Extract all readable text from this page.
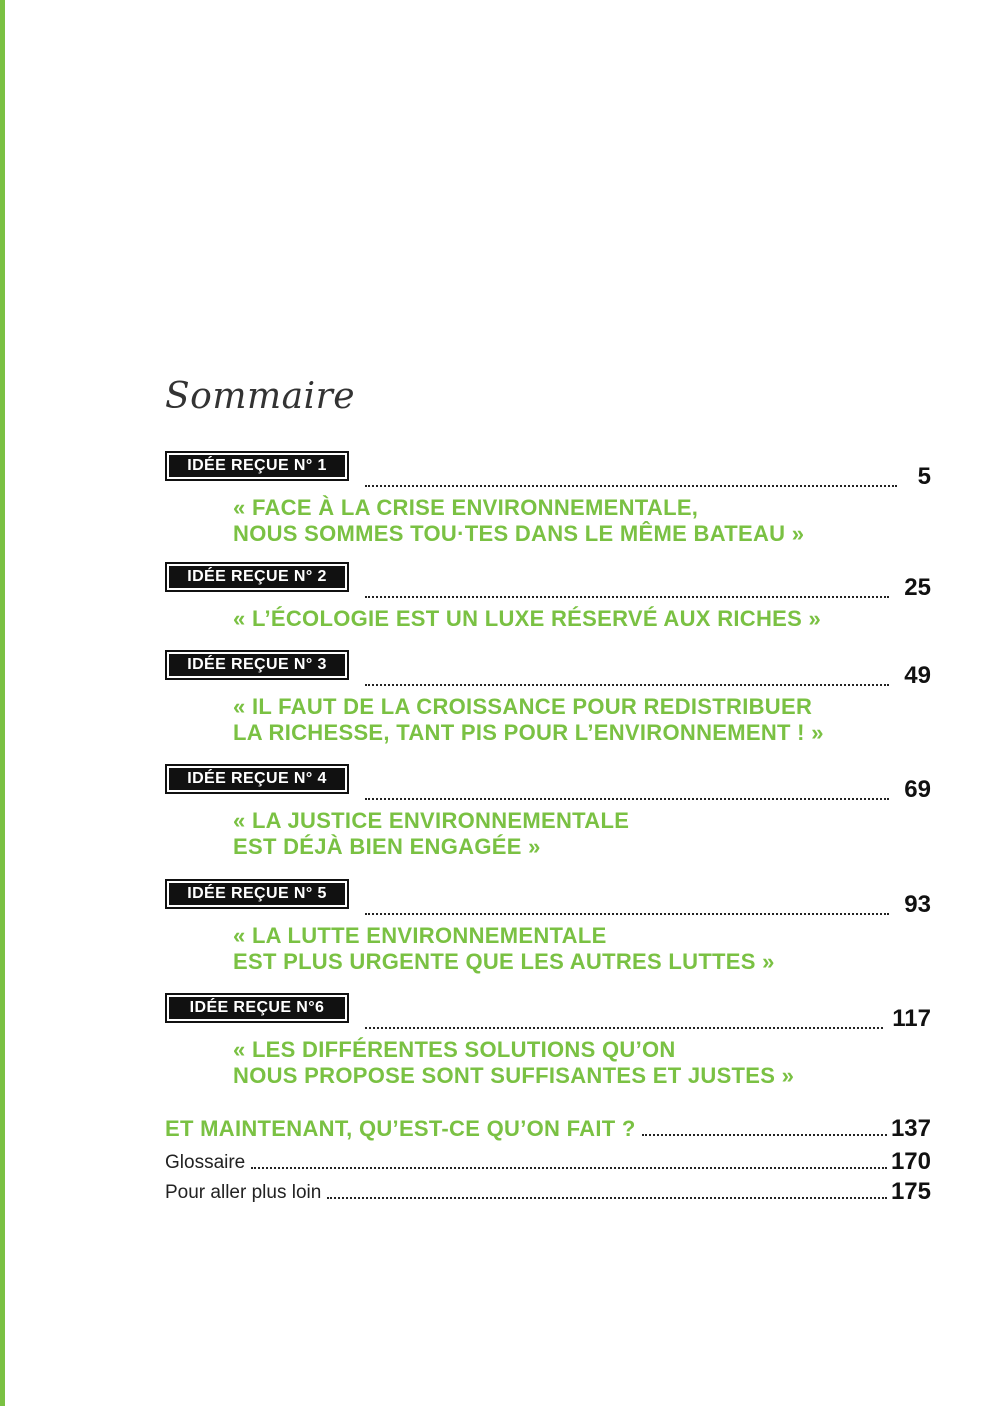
Sommaire
IDÉE REÇUE N° 1	5
« FACE À LA CRISE ENVIRONNEMENTALE,
NOUS SOMMES TOU·TES DANS LE MÊME BATEAU »
IDÉE REÇUE N° 2	25
« L’ÉCOLOGIE EST UN LUXE RÉSERVÉ AUX RICHES »
IDÉE REÇUE N° 3	49
« IL FAUT DE LA CROISSANCE POUR REDISTRIBUER
LA RICHESSE, TANT PIS POUR L’ENVIRONNEMENT ! »
IDÉE REÇUE N° 4	69
« LA JUSTICE ENVIRONNEMENTALE
EST DÉJÀ BIEN ENGAGÉE »
IDÉE REÇUE N° 5	93
« LA LUTTE ENVIRONNEMENTALE
EST PLUS URGENTE QUE LES AUTRES LUTTES »
IDÉE REÇUE N°6	117
« LES DIFFÉRENTES SOLUTIONS QU’ON
NOUS PROPOSE SONT SUFFISANTES ET JUSTES »
ET MAINTENANT, QU’EST-CE QU’ON FAIT ?	137
Glossaire	170
Pour aller plus loin	175
